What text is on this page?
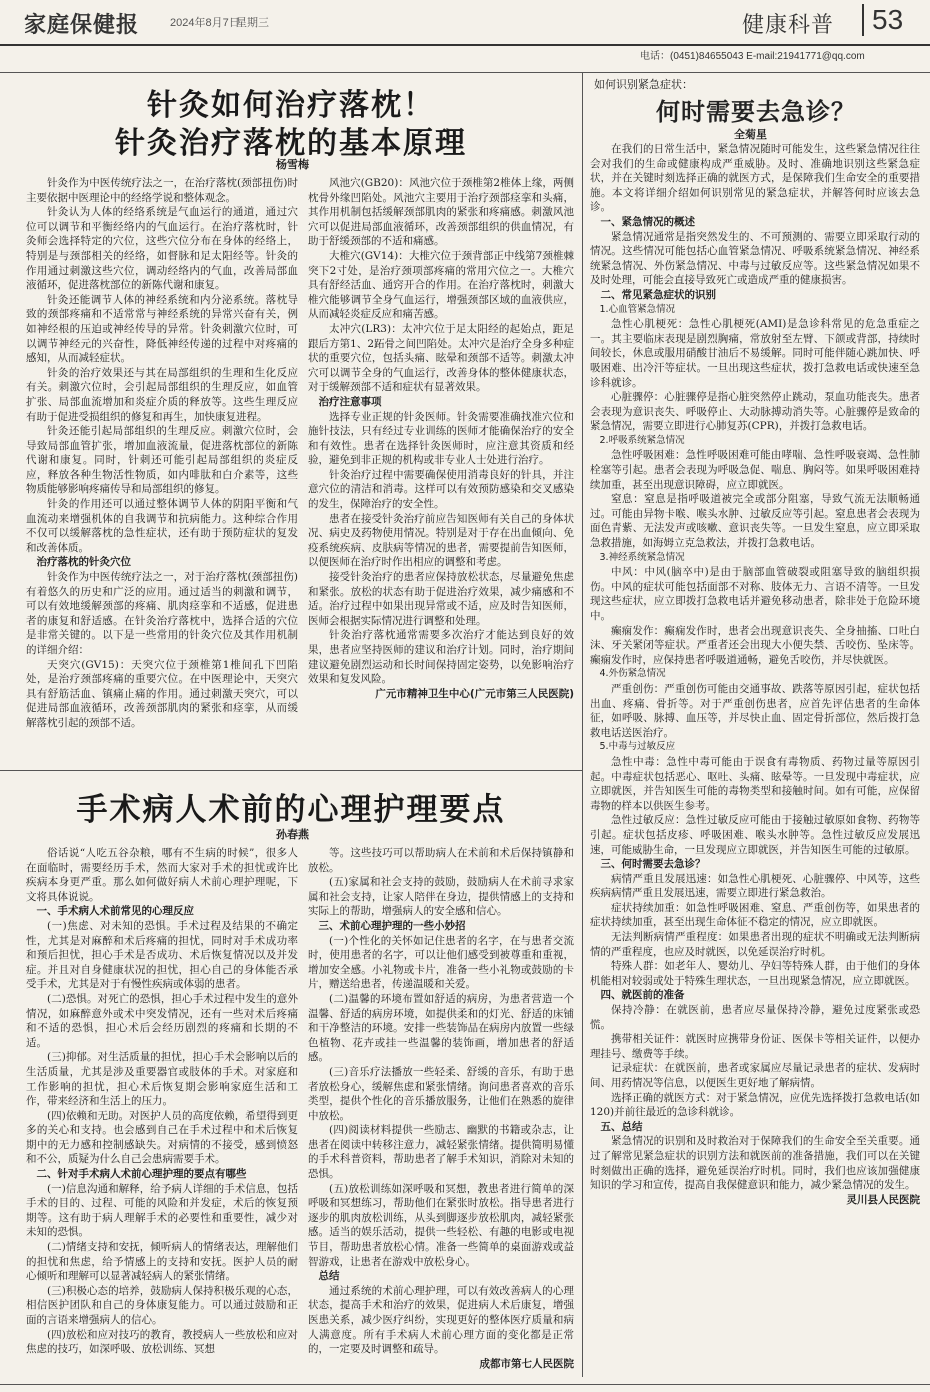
家庭保健报	2024年8月7日
星期三	健康科普	53
电话：(0451)84655043 E-mail:21941771@qq.com
针灸如何治疗落枕！
针灸治疗落枕的基本原理
杨雪梅

针灸作为中医传统疗法之一，在治疗落枕(颈部扭伤)时主要依据中医理论中的经络学说和整体观念。

针灸认为人体的经络系统是气血运行的通道，通过穴位可以调节和平衡经络内的气血运行。在治疗落枕时，针灸师会选择特定的穴位，这些穴位分布在身体的经络上，特别是与颈部相关的经络，如督脉和足太阳经等。针灸的作用通过刺激这些穴位，调动经络内的气血，改善局部血液循环，促进落枕部位的新陈代谢和康复。

针灸还能调节人体的神经系统和内分泌系统。落枕导致的颈部疼痛和不适常常与神经系统的异常兴奋有关，例如神经根的压迫或神经传导的异常。针灸刺激穴位时，可以调节神经元的兴奋性，降低神经传递的过程中对疼痛的感知，从而减轻症状。

针灸的治疗效果还与其在局部组织的生理和生化反应有关。刺激穴位时，会引起局部组织的生理反应，如血管扩张、局部血流增加和炎症介质的释放等。这些生理反应有助于促进受损组织的修复和再生，加快康复进程。

针灸还能引起局部组织的生理反应。刺激穴位时，会导致局部血管扩张，增加血液流量，促进落枕部位的新陈代谢和康复。同时，针刺还可能引起局部组织的炎症反应，释放各种生物活性物质，如内啡肽和白介素等，这些物质能够影响疼痛传导和局部组织的修复。

针灸的作用还可以通过整体调节人体的阴阳平衡和气血流动来增强机体的自我调节和抗病能力。这种综合作用不仅可以缓解落枕的急性症状，还有助于预防症状的复发和改善体质。

治疗落枕的针灸穴位

针灸作为中医传统疗法之一，对于治疗落枕(颈部扭伤)有着悠久的历史和广泛的应用。通过适当的刺激和调节，可以有效地缓解颈部的疼痛、肌肉痉挛和不适感，促进患者的康复和舒适感。在针灸治疗落枕中，选择合适的穴位是非常关键的。以下是一些常用的针灸穴位及其作用机制的详细介绍：

天突穴(GV15)：天突穴位于颈椎第1椎间孔下凹陷处，是治疗颈部疼痛的重要穴位。在中医理论中，天突穴具有舒筋活血、镇痛止痛的作用。通过刺激天突穴，可以促进局部血液循环，改善颈部肌肉的紧张和痉挛，从而缓解落枕引起的颈部不适。

风池穴(GB20)：风池穴位于颈椎第2椎体上缘，两侧枕骨外缘凹陷处。风池穴主要用于治疗颈部痉挛和头痛，其作用机制包括缓解颈部肌肉的紧张和疼痛感。刺激风池穴可以促进局部血液循环，改善颈部组织的供血情况，有助于舒缓颈部的不适和痛感。

大椎穴(GV14)：大椎穴位于颈背部正中线第7颈椎棘突下2寸处，是治疗颈项部疼痛的常用穴位之一。大椎穴具有舒经活血、通窍开合的作用。在治疗落枕时，刺激大椎穴能够调节全身气血运行，增强颈部区域的血液供应，从而减轻炎症反应和痛苦感。

太冲穴(LR3)：太冲穴位于足太阳经的起始点，距足跟后方第1、2跖骨之间凹陷处。太冲穴是治疗全身多种症状的重要穴位，包括头痛、眩晕和颈部不适等。刺激太冲穴可以调节全身的气血运行，改善身体的整体健康状态，对于缓解颈部不适和症状有显著效果。

治疗注意事项

选择专业正规的针灸医师。针灸需要准确找准穴位和施针技法，只有经过专业训练的医师才能确保治疗的安全和有效性。患者在选择针灸医师时，应注意其资质和经验，避免到非正规的机构或非专业人士处进行治疗。

针灸治疗过程中需要确保使用消毒良好的针具，并注意穴位的清洁和消毒。这样可以有效预防感染和交叉感染的发生，保障治疗的安全性。

患者在接受针灸治疗前应告知医师有关自己的身体状况、病史及药物使用情况。特别是对于存在出血倾向、免疫系统疾病、皮肤病等情况的患者，需要提前告知医师，以便医师在治疗时作出相应的调整和考虑。

接受针灸治疗的患者应保持放松状态，尽量避免焦虑和紧张。放松的状态有助于促进治疗效果，减少痛感和不适。治疗过程中如果出现异常或不适，应及时告知医师，医师会根据实际情况进行调整和处理。

针灸治疗落枕通常需要多次治疗才能达到良好的效果，患者应坚持医师的建议和治疗计划。同时，治疗期间建议避免剧烈运动和长时间保持固定姿势，以免影响治疗效果和复发风险。

广元市精神卫生中心(广元市第三人民医院)

手术病人术前的心理护理要点
孙春燕

俗话说“人吃五谷杂粮，哪有不生病的时候”，很多人在面临时，需要经历手术，然而大家对手术的担忧或许比疾病本身更严重。那么如何做好病人术前心理护理呢，下文将具体说说。

一、手术病人术前常见的心理反应

(一)焦虑、对未知的恐惧。手术过程及结果的不确定性，尤其是对麻醉和术后疼痛的担忧，同时对手术成功率和预后担忧，担心手术是否成功、术后恢复情况以及并发症。并且对自身健康状况的担忧，担心自己的身体能否承受手术，尤其是对于有慢性疾病或体弱的患者。

(二)恐惧。对死亡的恐惧，担心手术过程中发生的意外情况，如麻醉意外或术中突发情况，还有一些对术后疼痛和不适的恐惧，担心术后会经历剧烈的疼痛和长期的不适。

(三)抑郁。对生活质量的担忧，担心手术会影响以后的生活质量，尤其是涉及重要器官或肢体的手术。对家庭和工作影响的担忧，担心术后恢复期会影响家庭生活和工作，带来经济和生活上的压力。

(四)依赖和无助。对医护人员的高度依赖，希望得到更多的关心和支持。也会感到自己在手术过程中和术后恢复期中的无力感和控制感缺失。对病情的不接受，感到愤怒和不公，质疑为什么自己会患病需要手术。

二、针对手术病人术前心理护理的要点有哪些

(一)信息沟通和解释，给予病人详细的手术信息，包括手术的目的、过程、可能的风险和并发症，术后的恢复预期等。这有助于病人理解手术的必要性和重要性，减少对未知的恐惧。

(二)情绪支持和安抚，倾听病人的情绪表达，理解他们的担忧和焦虑，给予情感上的支持和安抚。医护人员的耐心倾听和理解可以显著减轻病人的紧张情绪。

(三)积极心态的培养，鼓励病人保持积极乐观的心态，相信医护团队和自己的身体康复能力。可以通过鼓励和正面的言语来增强病人的信心。

(四)放松和应对技巧的教育，教授病人一些放松和应对焦虑的技巧，如深呼吸、放松训练、冥想

等。这些技巧可以帮助病人在术前和术后保持镇静和放松。

(五)家属和社会支持的鼓励，鼓励病人在术前寻求家属和社会支持，让家人陪伴在身边，提供情感上的支持和实际上的帮助，增强病人的安全感和信心。

三、术前心理护理的一些小妙招

(一)个性化的关怀如记住患者的名字，在与患者交流时，使用患者的名字，可以让他们感受到被尊重和重视，增加安全感。小礼物或卡片，准备一些小礼物或鼓励的卡片，赠送给患者，传递温暖和关爱。

(二)温馨的环境布置如舒适的病房，为患者营造一个温馨、舒适的病房环境，如提供柔和的灯光、舒适的床铺和干净整洁的环境。安排一些装饰品在病房内放置一些绿色植物、花卉或挂一些温馨的装饰画，增加患者的舒适感。

(三)音乐疗法播放一些轻柔、舒缓的音乐，有助于患者放松身心，缓解焦虑和紧张情绪。询问患者喜欢的音乐类型，提供个性化的音乐播放服务，让他们在熟悉的旋律中放松。

(四)阅读材料提供一些励志、幽默的书籍或杂志，让患者在阅读中转移注意力，减轻紧张情绪。提供简明易懂的手术科普资料，帮助患者了解手术知识，消除对未知的恐惧。

(五)放松训练如深呼吸和冥想，教患者进行简单的深呼吸和冥想练习，帮助他们在紧张时放松。指导患者进行逐步的肌肉放松训练，从头到脚逐步放松肌肉，减轻紧张感。适当的娱乐活动，提供一些轻松、有趣的电影或电视节目，帮助患者放松心情。准备一些简单的桌面游戏或益智游戏，让患者在游戏中放松身心。

总结

通过系统的术前心理护理，可以有效改善病人的心理状态，提高手术和治疗的效果，促进病人术后康复，增强医患关系，减少医疗纠纷，实现更好的整体医疗质量和病人满意度。所有手术病人术前心理方面的变化都是正常的，一定要及时调整和疏导。

成都市第七人民医院

如何识别紧急症状：
何时需要去急诊？
全菊星

在我们的日常生活中，紧急情况随时可能发生，这些紧急情况往往会对我们的生命或健康构成严重威胁。及时、准确地识别这些紧急症状，并在关键时刻选择正确的就医方式，是保障我们生命安全的重要措施。本文将详细介绍如何识别常见的紧急症状，并解答何时应该去急诊。

一、紧急情况的概述

紧急情况通常是指突然发生的、不可预测的、需要立即采取行动的情况。这些情况可能包括心血管紧急情况、呼吸系统紧急情况、神经系统紧急情况、外伤紧急情况、中毒与过敏反应等。这些紧急情况如果不及时处理，可能会直接导致死亡或造成严重的健康损害。

二、常见紧急症状的识别

1.心血管紧急情况

急性心肌梗死：急性心肌梗死(AMI)是急诊科常见的危急重症之一。其主要临床表现是剧烈胸痛，常放射至左臂、下颌或背部，持续时间较长，休息或服用硝酸甘油后不易缓解。同时可能伴随心跳加快、呼吸困难、出冷汗等症状。一旦出现这些症状，拨打急救电话或快速至急诊科就诊。

心脏骤停：心脏骤停是指心脏突然停止跳动，泵血功能丧失。患者会表现为意识丧失、呼吸停止、大动脉搏动消失等。心脏骤停是致命的紧急情况，需要立即进行心肺复苏(CPR)，并拨打急救电话。

2.呼吸系统紧急情况

急性呼吸困难：急性呼吸困难可能由哮喘、急性呼吸衰竭、急性肺栓塞等引起。患者会表现为呼吸急促、喘息、胸闷等。如果呼吸困难持续加重，甚至出现意识障碍，应立即就医。

窒息：窒息是指呼吸道被完全或部分阻塞，导致气流无法顺畅通过。可能由异物卡喉、喉头水肿、过敏反应等引起。窒息患者会表现为面色青紫、无法发声或咳嗽、意识丧失等。一旦发生窒息，应立即采取急救措施，如海姆立克急救法，并拨打急救电话。

3.神经系统紧急情况

中风：中风(脑卒中)是由于脑部血管破裂或阻塞导致的脑组织损伤。中风的症状可能包括面部不对称、肢体无力、言语不清等。一旦发现这些症状，应立即拨打急救电话并避免移动患者，除非处于危险环境中。

癫痫发作：癫痫发作时，患者会出现意识丧失、全身抽搐、口吐白沫、牙关紧闭等症状。严重者还会出现大小便失禁、舌咬伤、坠床等。癫痫发作时，应保持患者呼吸道通畅，避免舌咬伤，并尽快就医。

4.外伤紧急情况

严重创伤：严重创伤可能由交通事故、跌落等原因引起，症状包括出血、疼痛、骨折等。对于严重创伤患者，应首先评估患者的生命体征，如呼吸、脉搏、血压等，并尽快止血、固定骨折部位，然后拨打急救电话送医治疗。

5.中毒与过敏反应

急性中毒：急性中毒可能由于误食有毒物质、药物过量等原因引起。中毒症状包括恶心、呕吐、头痛、眩晕等。一旦发现中毒症状，应立即就医，并告知医生可能的毒物类型和接触时间。如有可能，应保留毒物的样本以供医生参考。

急性过敏反应：急性过敏反应可能由于接触过敏原如食物、药物等引起。症状包括皮疹、呼吸困难、喉头水肿等。急性过敏反应发展迅速，可能威胁生命，一旦发现应立即就医，并告知医生可能的过敏原。

三、何时需要去急诊？

病情严重且发展迅速：如急性心肌梗死、心脏骤停、中风等，这些疾病病情严重且发展迅速，需要立即进行紧急救治。

症状持续加重：如急性呼吸困难、窒息、严重创伤等，如果患者的症状持续加重，甚至出现生命体征不稳定的情况，应立即就医。

无法判断病情严重程度：如果患者出现的症状不明确或无法判断病情的严重程度，也应及时就医，以免延误治疗时机。

特殊人群：如老年人、婴幼儿、孕妇等特殊人群，由于他们的身体机能相对较弱或处于特殊生理状态，一旦出现紧急情况，应立即就医。

四、就医前的准备

保持冷静：在就医前，患者应尽量保持冷静，避免过度紧张或恐慌。

携带相关证件：就医时应携带身份证、医保卡等相关证件，以便办理挂号、缴费等手续。

记录症状：在就医前，患者或家属应尽量记录患者的症状、发病时间、用药情况等信息，以便医生更好地了解病情。

选择正确的就医方式：对于紧急情况，应优先选择拨打急救电话(如120)并前往最近的急诊科就诊。

五、总结

紧急情况的识别和及时救治对于保障我们的生命安全至关重要。通过了解常见紧急症状的识别方法和就医前的准备措施，我们可以在关键时刻做出正确的选择，避免延误治疗时机。同时，我们也应该加强健康知识的学习和宣传，提高自我保健意识和能力，减少紧急情况的发生。

灵川县人民医院
